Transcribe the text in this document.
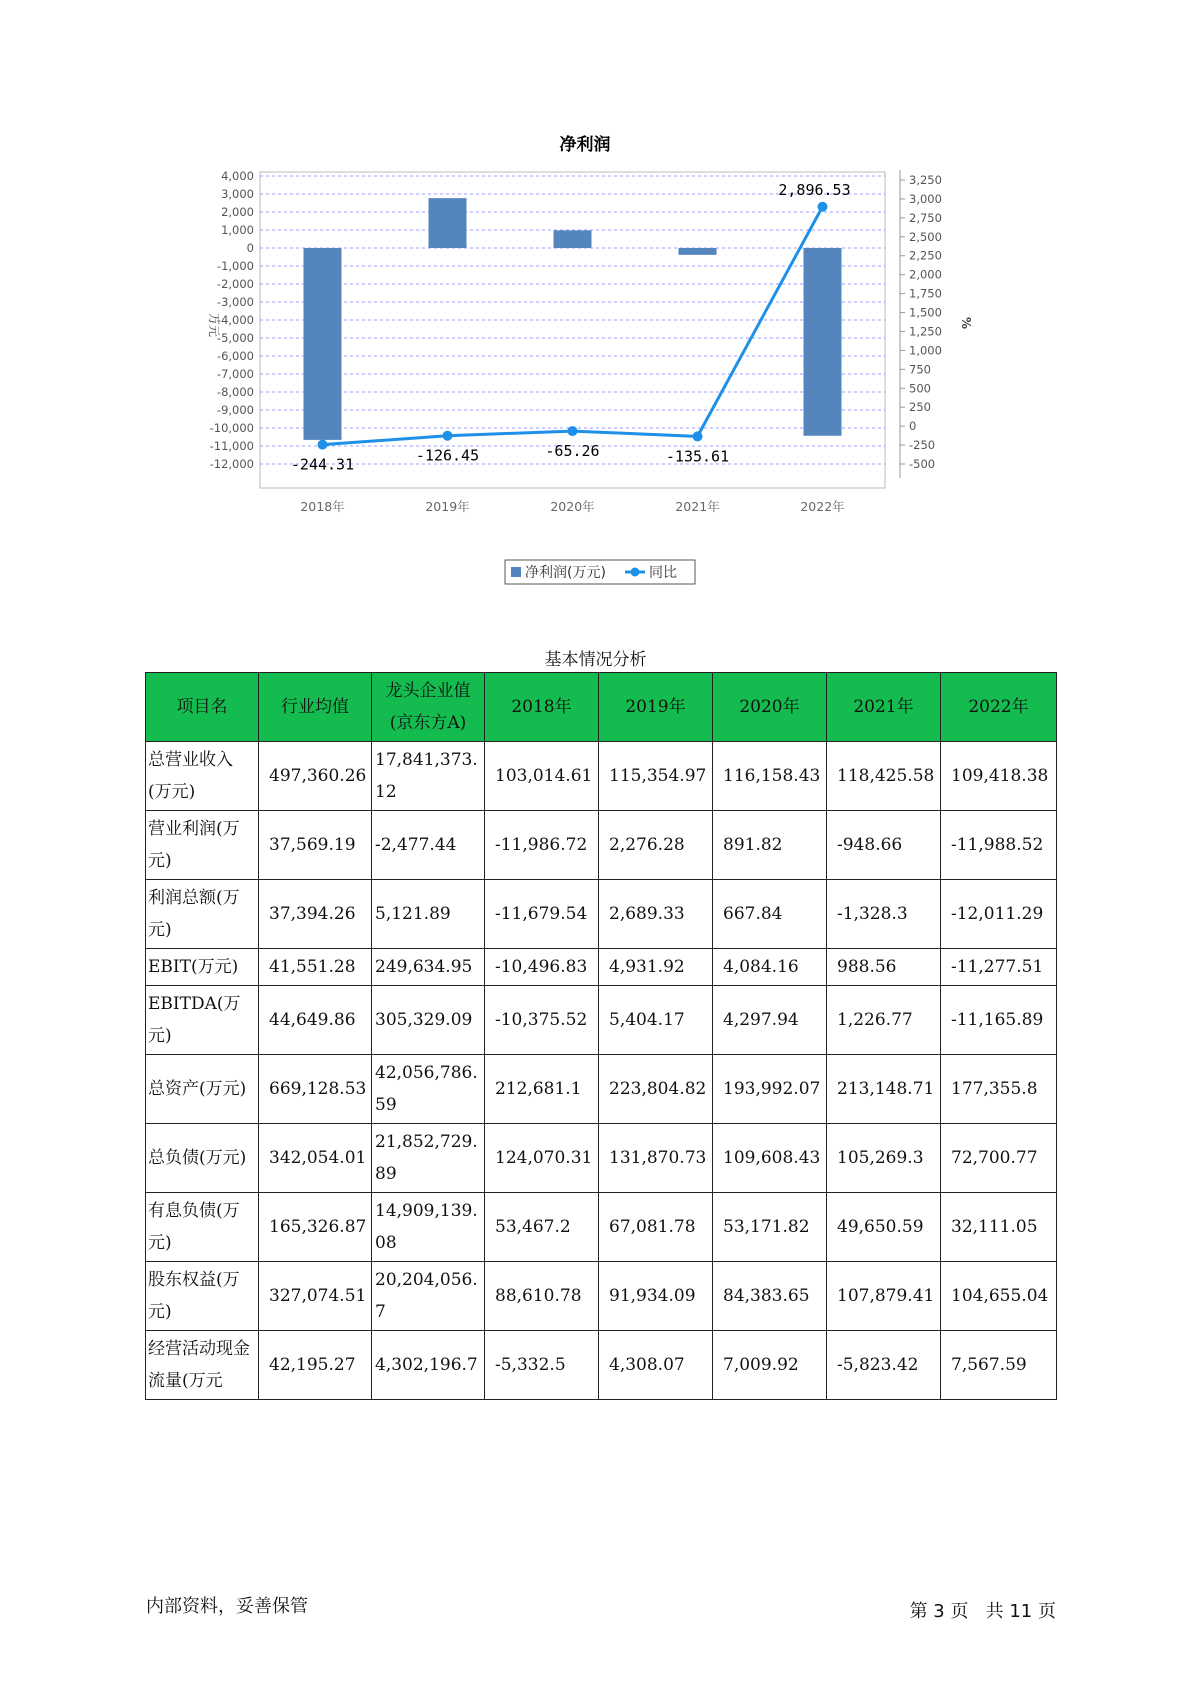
净利润
4,000
3,000
2,000
1,000
0
-1,000
-2,000
-3,000
-4,000
-5,000
-6,000
-7,000
-8,000
-9,000
-10,000
-11,000
-12,000
3,250
3,000
2,750
2,500
2,250
2,000
1,750
1,500
1,250
1,000
750
500
250
0
-250
-500
万元	%
2018年	2019年	2020年	2021年	2022年
-244.31	-126.45	-65.26	-135.61
2,896.53
净利润(万元)	同比
基本情况分析
项目名	行业均值	龙头企业值(京东方A)	2018年	2019年	2020年	2021年	2022年
总营业收入(万元)	497,360.26	17,841,373.12	103,014.61	115,354.97	116,158.43	118,425.58	109,418.38
营业利润(万元)	37,569.19	-2,477.44	-11,986.72	2,276.28	891.82	-948.66	-11,988.52
利润总额(万元)	37,394.26	5,121.89	-11,679.54	2,689.33	667.84	-1,328.3	-12,011.29
EBIT(万元)	41,551.28	249,634.95	-10,496.83	4,931.92	4,084.16	988.56	-11,277.51
EBITDA(万元)	44,649.86	305,329.09	-10,375.52	5,404.17	4,297.94	1,226.77	-11,165.89
总资产(万元)	669,128.53	42,056,786.59	212,681.1	223,804.82	193,992.07	213,148.71	177,355.8
总负债(万元)	342,054.01	21,852,729.89	124,070.31	131,870.73	109,608.43	105,269.3	72,700.77
有息负债(万元)	165,326.87	14,909,139.08	53,467.2	67,081.78	53,171.82	49,650.59	32,111.05
股东权益(万元)	327,074.51	20,204,056.7	88,610.78	91,934.09	84,383.65	107,879.41	104,655.04
经营活动现金流量(万元	42,195.27	4,302,196.7	-5,332.5	4,308.07	7,009.92	-5,823.42	7,567.59
内部资料，妥善保管	第 3 页   共 11 页
